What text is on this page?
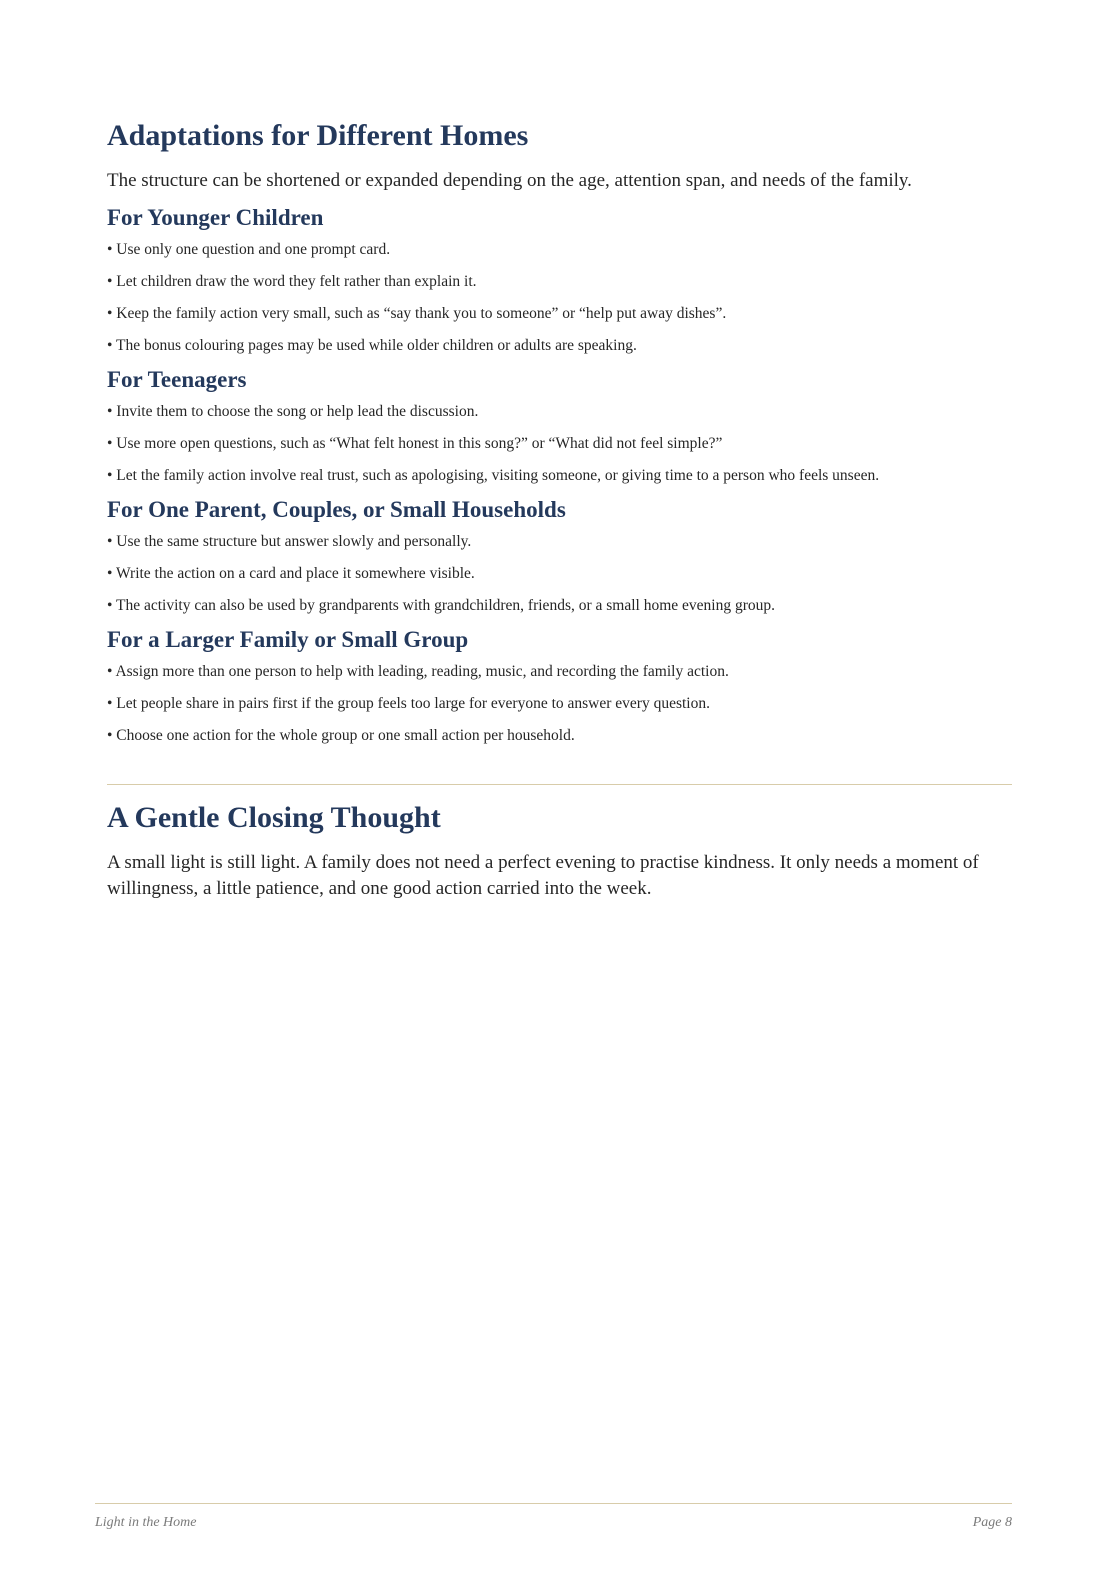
Adaptations for Different Homes

The structure can be shortened or expanded depending on the age, attention span, and needs of the family.

For Younger Children
• Use only one question and one prompt card.
• Let children draw the word they felt rather than explain it.
• Keep the family action very small, such as “say thank you to someone” or “help put away dishes”.
• The bonus colouring pages may be used while older children or adults are speaking.
For Teenagers
• Invite them to choose the song or help lead the discussion.
• Use more open questions, such as “What felt honest in this song?” or “What did not feel simple?”
• Let the family action involve real trust, such as apologising, visiting someone, or giving time to a person who feels unseen.
For One Parent, Couples, or Small Households
• Use the same structure but answer slowly and personally.
• Write the action on a card and place it somewhere visible.
• The activity can also be used by grandparents with grandchildren, friends, or a small home evening group.
For a Larger Family or Small Group
• Assign more than one person to help with leading, reading, music, and recording the family action.
• Let people share in pairs first if the group feels too large for everyone to answer every question.
• Choose one action for the whole group or one small action per household.
A Gentle Closing Thought

A small light is still light. A family does not need a perfect evening to practise kindness. It only needs a moment of willingness, a little patience, and one good action carried into the week.

Light in the Home	Page 8
